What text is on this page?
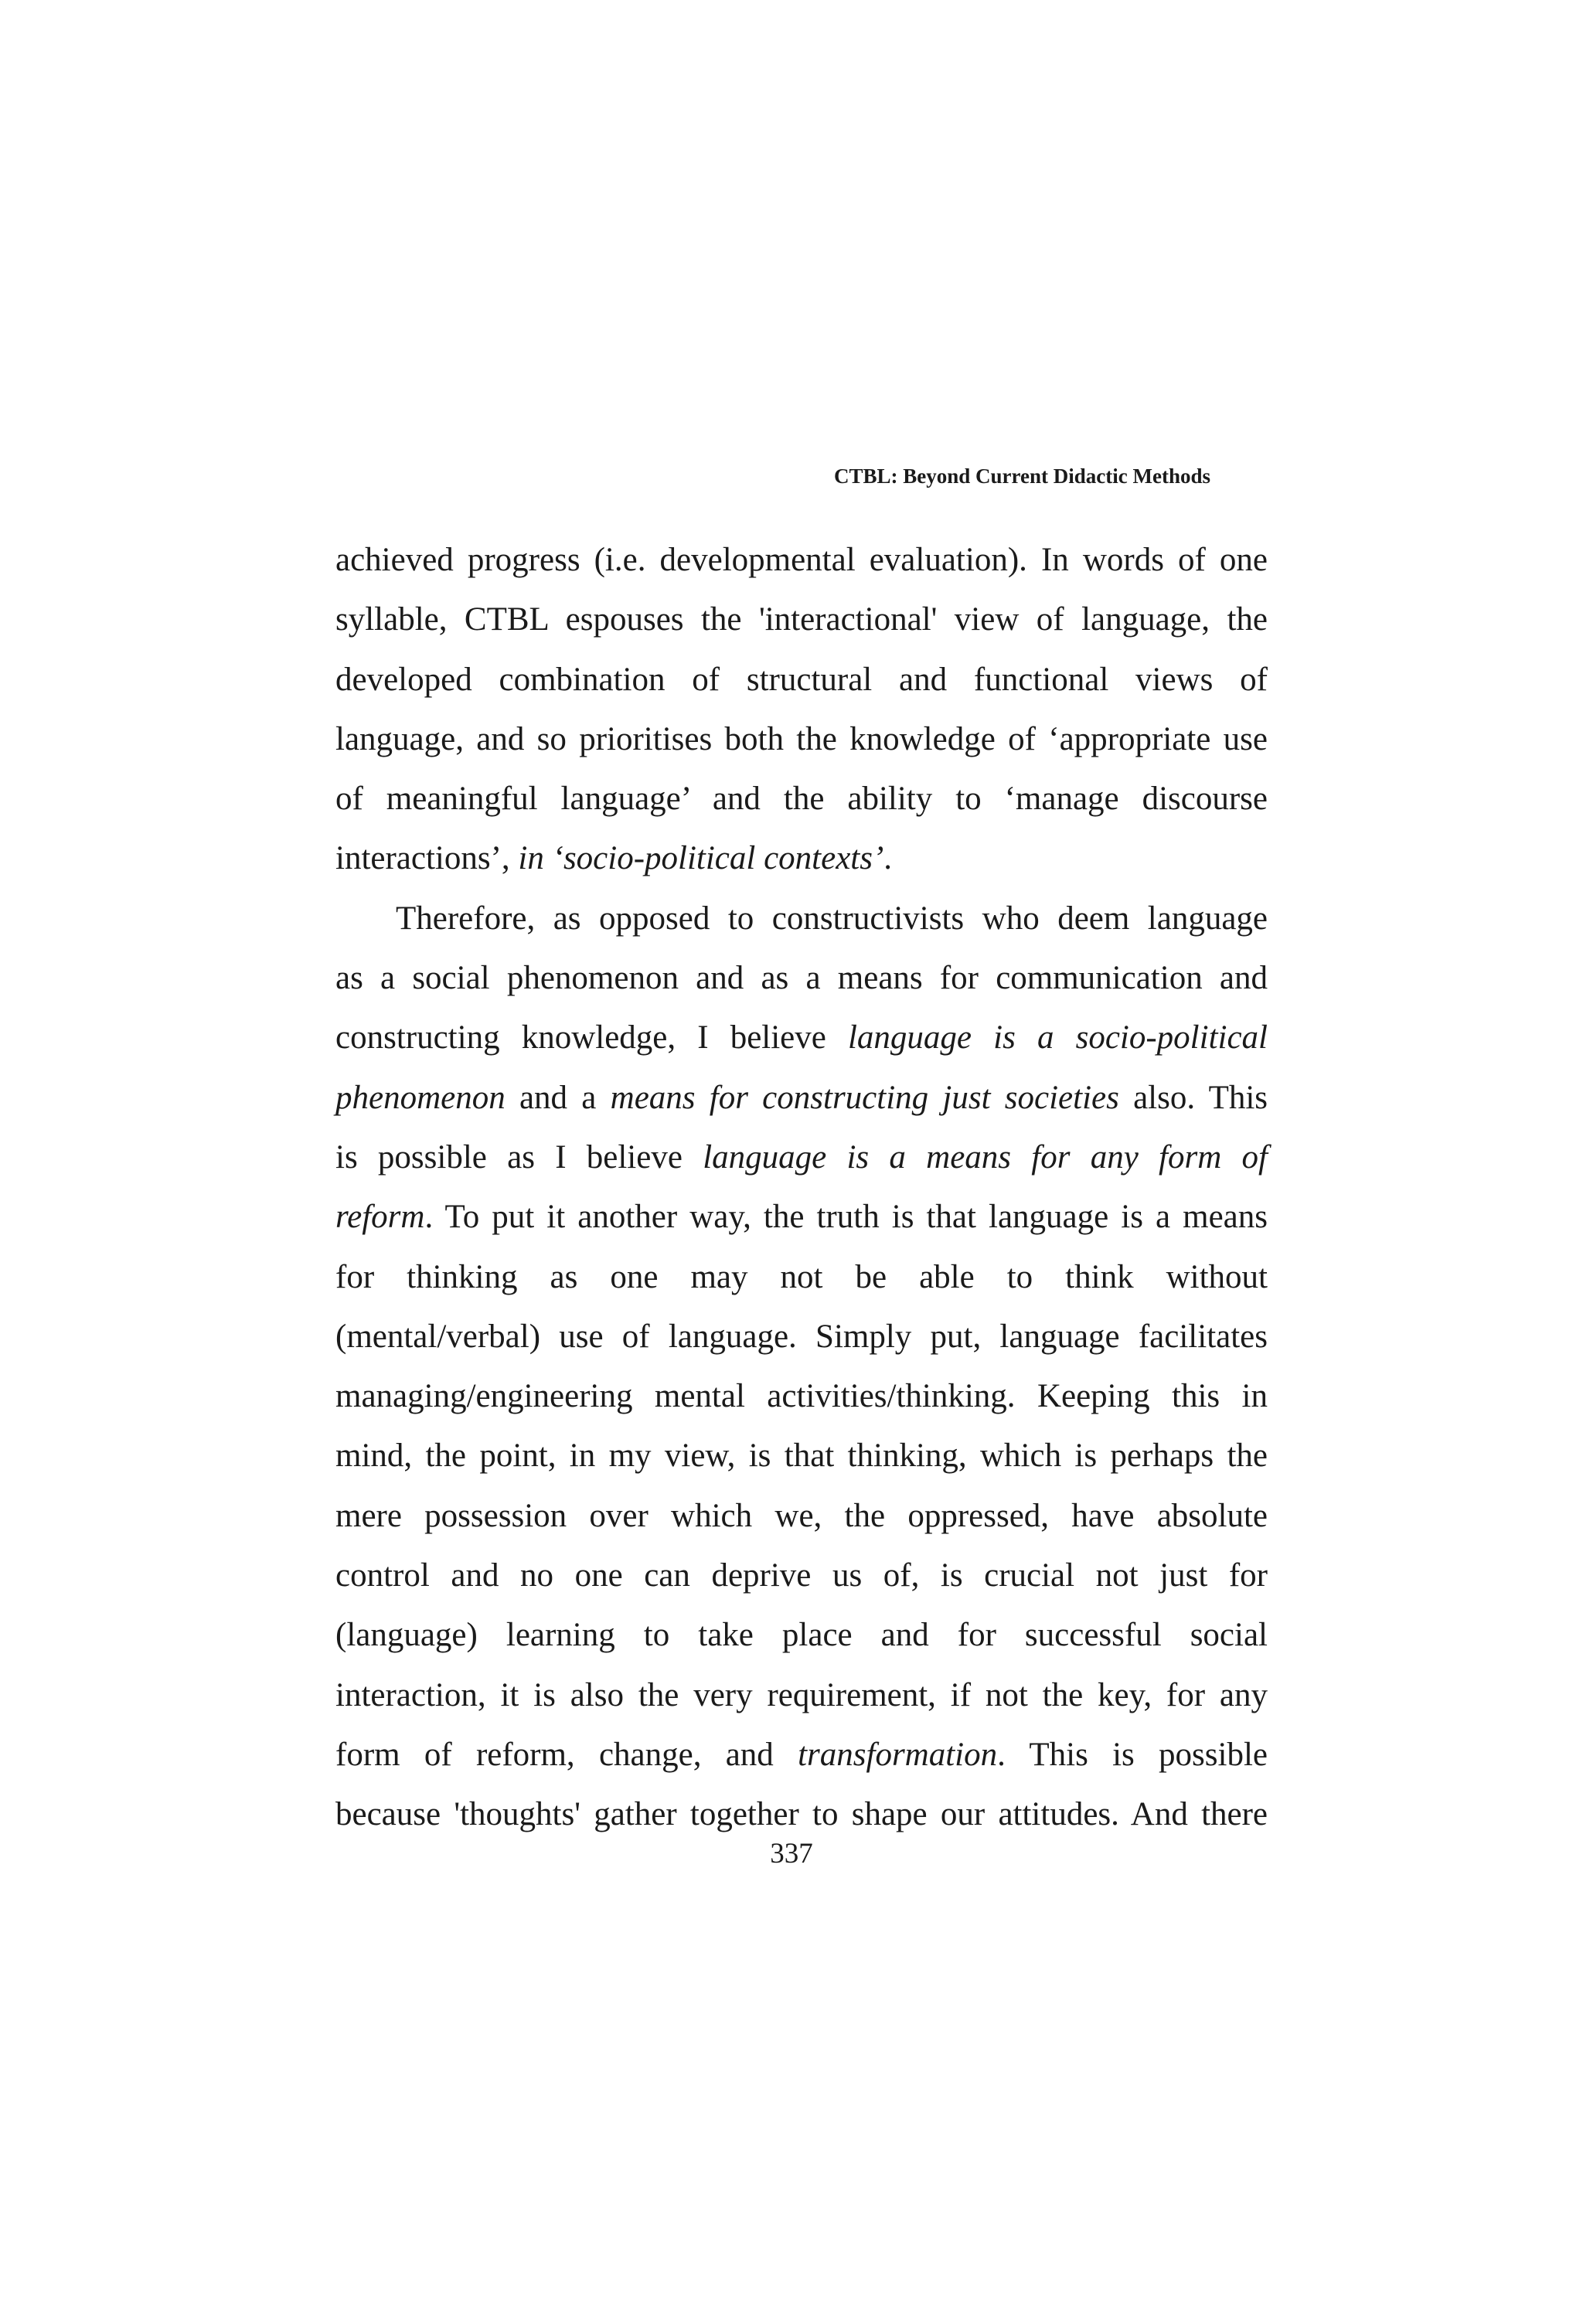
CTBL: Beyond Current Didactic Methods
achieved progress (i.e. developmental evaluation). In words of one
syllable, CTBL espouses the 'interactional' view of language, the
developed combination of structural and functional views of
language, and so prioritises both the knowledge of ‘appropriate use
of meaningful language’ and the ability to ‘manage discourse
interactions’, in ‘socio-political contexts’.
Therefore, as opposed to constructivists who deem language
as a social phenomenon and as a means for communication and
constructing knowledge, I believe language is a socio-political
phenomenon and a means for constructing just societies also. This
is possible as I believe language is a means for any form of
reform. To put it another way, the truth is that language is a means
for thinking as one may not be able to think without
(mental/verbal) use of language. Simply put, language facilitates
managing/engineering mental activities/thinking. Keeping this in
mind, the point, in my view, is that thinking, which is perhaps the
mere possession over which we, the oppressed, have absolute
control and no one can deprive us of, is crucial not just for
(language) learning to take place and for successful social
interaction, it is also the very requirement, if not the key, for any
form of reform, change, and transformation. This is possible
because 'thoughts' gather together to shape our attitudes. And there
337
